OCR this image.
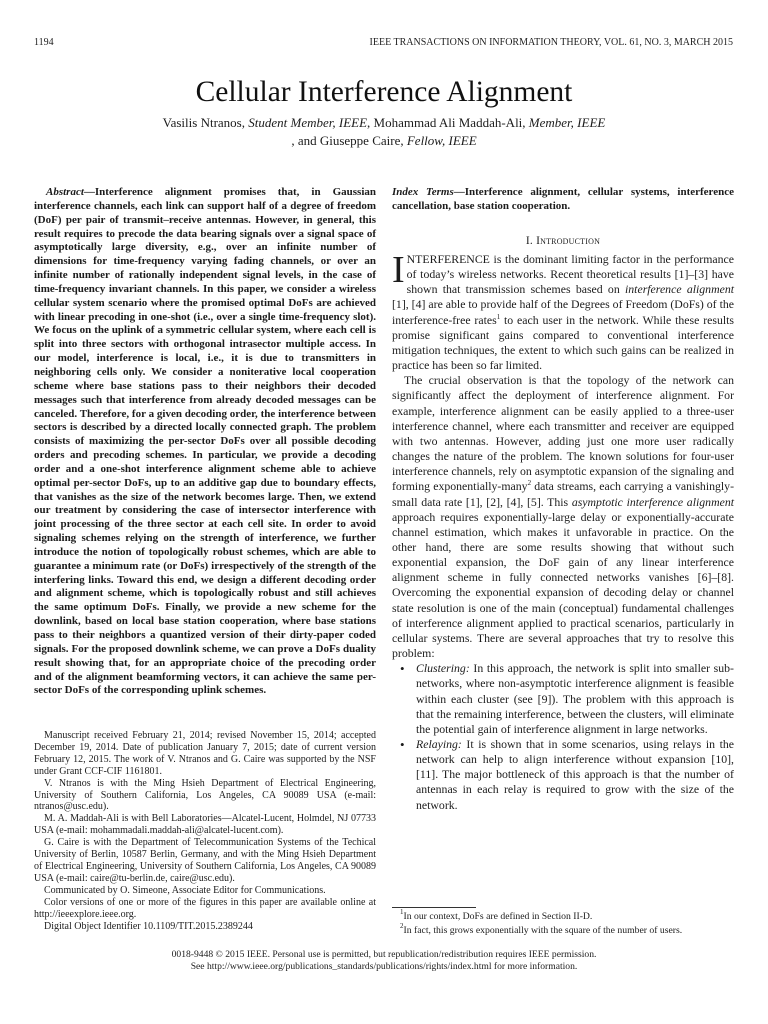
1194	IEEE TRANSACTIONS ON INFORMATION THEORY, VOL. 61, NO. 3, MARCH 2015
Cellular Interference Alignment
Vasilis Ntranos, Student Member, IEEE, Mohammad Ali Maddah-Ali, Member, IEEE
, and Giuseppe Caire, Fellow, IEEE

Abstract—Interference alignment promises that, in Gaussian interference channels, each link can support half of a degree of freedom (DoF) per pair of transmit–receive antennas. However, in general, this result requires to precode the data bearing signals over a signal space of asymptotically large diversity, e.g., over an infinite number of dimensions for time-frequency varying fading channels, or over an infinite number of rationally independent signal levels, in the case of time-frequency invariant channels. In this paper, we consider a wireless cellular system scenario where the promised optimal DoFs are achieved with linear precoding in one-shot (i.e., over a single time-frequency slot). We focus on the uplink of a symmetric cellular system, where each cell is split into three sectors with orthogonal intrasector multiple access. In our model, interference is local, i.e., it is due to transmitters in neighboring cells only. We consider a noniterative local cooperation scheme where base stations pass to their neighbors their decoded messages such that interference from already decoded messages can be canceled. Therefore, for a given decoding order, the interference between sectors is described by a directed locally connected graph. The problem consists of maximizing the per-sector DoFs over all possible decoding orders and precoding schemes. In particular, we provide a decoding order and a one-shot interference alignment scheme able to achieve optimal per-sector DoFs, up to an additive gap due to boundary effects, that vanishes as the size of the network becomes large. Then, we extend our treatment by considering the case of intersector interference with joint processing of the three sector at each cell site. In order to avoid signaling schemes relying on the strength of interference, we further introduce the notion of topologically robust schemes, which are able to guarantee a minimum rate (or DoFs) irrespectively of the strength of the interfering links. Toward this end, we design a different decoding order and alignment scheme, which is topologically robust and still achieves the same optimum DoFs. Finally, we provide a new scheme for the downlink, based on local base station cooperation, where base stations pass to their neighbors a quantized version of their dirty-paper coded signals. For the proposed downlink scheme, we can prove a DoFs duality result showing that, for an appropriate choice of the precoding order and of the alignment beamforming vectors, it can achieve the same per-sector DoFs of the corresponding uplink schemes.

Manuscript received February 21, 2014; revised November 15, 2014; accepted December 19, 2014. Date of publication January 7, 2015; date of current version February 12, 2015. The work of V. Ntranos and G. Caire was supported by the NSF under Grant CCF-CIF 1161801.

V. Ntranos is with the Ming Hsieh Department of Electrical Engineering, University of Southern California, Los Angeles, CA 90089 USA (e-mail: ntranos@usc.edu).

M. A. Maddah-Ali is with Bell Laboratories—Alcatel-Lucent, Holmdel, NJ 07733 USA (e-mail: mohammadali.maddah-ali@alcatel-lucent.com).

G. Caire is with the Department of Telecommunication Systems of the Techical University of Berlin, 10587 Berlin, Germany, and with the Ming Hsieh Department of Electrical Engineering, University of Southern California, Los Angeles, CA 90089 USA (e-mail: caire@tu-berlin.de, caire@usc.edu).

Communicated by O. Simeone, Associate Editor for Communications.

Color versions of one or more of the figures in this paper are available online at http://ieeexplore.ieee.org.

Digital Object Identifier 10.1109/TIT.2015.2389244

Index Terms—Interference alignment, cellular systems, interference cancellation, base station cooperation.
I. Introduction

INTERFERENCE is the dominant limiting factor in the performance of today’s wireless networks. Recent theoretical results [1]–[3] have shown that transmission schemes based on interference alignment [1], [4] are able to provide half of the Degrees of Freedom (DoFs) of the interference-free rates$^1$ to each user in the network. While these results promise significant gains compared to conventional interference mitigation techniques, the extent to which such gains can be realized in practice has been so far limited.

The crucial observation is that the topology of the network can significantly affect the deployment of interference alignment. For example, interference alignment can be easily applied to a three-user interference channel, where each transmitter and receiver are equipped with two antennas. However, adding just one more user radically changes the nature of the problem. The known solutions for four-user interference channels, rely on asymptotic expansion of the signaling and forming exponentially-many$^2$ data streams, each carrying a vanishingly-small data rate [1], [2], [4], [5]. This asymptotic interference alignment approach requires exponentially-large delay or exponentially-accurate channel estimation, which makes it unfavorable in practice. On the other hand, there are some results showing that without such exponential expansion, the DoF gain of any linear interference alignment scheme in fully connected networks vanishes [6]–[8]. Overcoming the exponential expansion of decoding delay or channel state resolution is one of the main (conceptual) fundamental challenges of interference alignment applied to practical scenarios, particularly in cellular systems. There are several approaches that try to resolve this problem:

• Clustering: In this approach, the network is split into smaller sub-networks, where non-asymptotic interference alignment is feasible within each cluster (see [9]). The problem with this approach is that the remaining interference, between the clusters, will eliminate the potential gain of interference alignment in large networks.
• Relaying: It is shown that in some scenarios, using relays in the network can help to align interference without expansion [10], [11]. The major bottleneck of this approach is that the number of antennas in each relay is required to grow with the size of the network.
$^1$In our context, DoFs are defined in Section II-D.
$^2$In fact, this grows exponentially with the square of the number of users.
0018-9448 © 2015 IEEE. Personal use is permitted, but republication/redistribution requires IEEE permission.
See http://www.ieee.org/publications_standards/publications/rights/index.html for more information.
